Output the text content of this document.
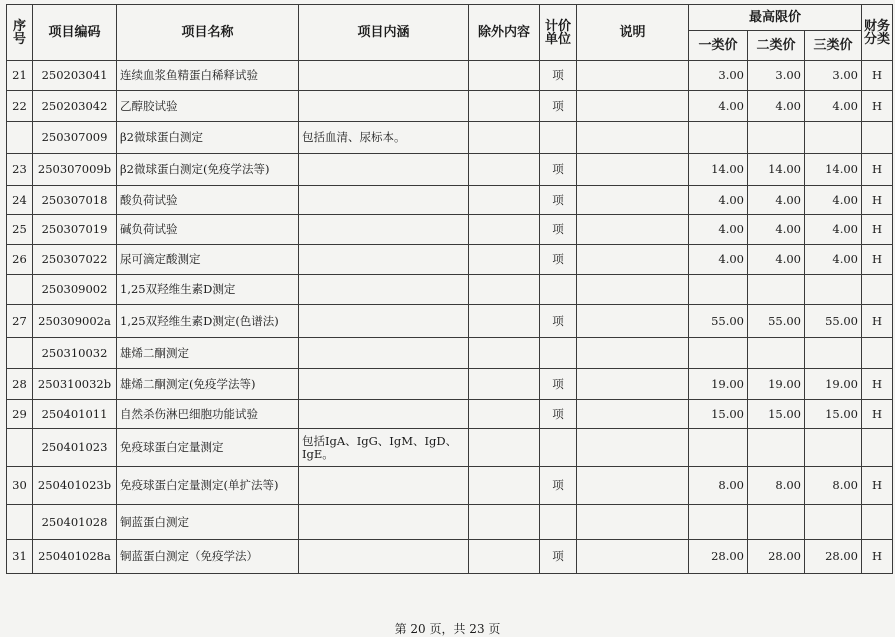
序号	项目编码	项目名称	项目内涵	除外内容	计价单位	说明	最高限价			财务分类
							一类价	二类价	三类价	
21	250203041	连续血浆鱼精蛋白稀释试验			项		3.00	3.00	3.00	H
22	250203042	乙醇胶试验			项		4.00	4.00	4.00	H
	250307009	β2微球蛋白测定	包括血清、尿标本。							
23	250307009b	β2微球蛋白测定(免疫学法等)			项		14.00	14.00	14.00	H
24	250307018	酸负荷试验			项		4.00	4.00	4.00	H
25	250307019	碱负荷试验			项		4.00	4.00	4.00	H
26	250307022	尿可滴定酸测定			项		4.00	4.00	4.00	H
	250309002	1,25双羟维生素D测定								
27	250309002a	1,25双羟维生素D测定(色谱法)			项		55.00	55.00	55.00	H
	250310032	雄烯二酮测定								
28	250310032b	雄烯二酮测定(免疫学法等)			项		19.00	19.00	19.00	H
29	250401011	自然杀伤淋巴细胞功能试验			项		15.00	15.00	15.00	H
	250401023	免疫球蛋白定量测定	包括IgA、IgG、IgM、IgD、IgE。							
30	250401023b	免疫球蛋白定量测定(单扩法等)			项		8.00	8.00	8.00	H
	250401028	铜蓝蛋白测定								
31	250401028a	铜蓝蛋白测定（免疫学法）			项		28.00	28.00	28.00	H
第 20 页，共 23 页
